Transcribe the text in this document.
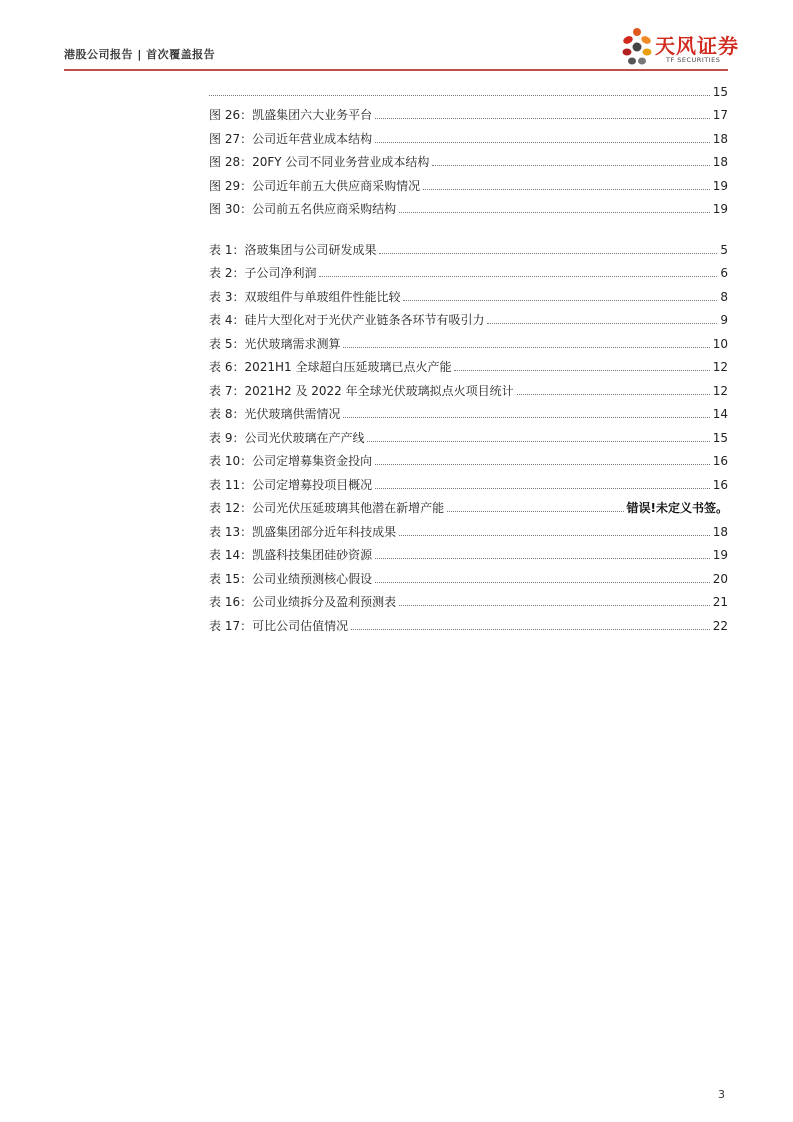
港股公司报告 | 首次覆盖报告	天风证券
TF SECURITIES
15
图 26：凯盛集团六大业务平台	17
图 27：公司近年营业成本结构	18
图 28：20FY 公司不同业务营业成本结构	18
图 29：公司近年前五大供应商采购情况	19
图 30：公司前五名供应商采购结构	19
表 1：洛玻集团与公司研发成果	5
表 2：子公司净利润	6
表 3：双玻组件与单玻组件性能比较	8
表 4：硅片大型化对于光伏产业链条各环节有吸引力	9
表 5：光伏玻璃需求测算	10
表 6：2021H1 全球超白压延玻璃已点火产能	12
表 7：2021H2 及 2022 年全球光伏玻璃拟点火项目统计	12
表 8：光伏玻璃供需情况	14
表 9：公司光伏玻璃在产产线	15
表 10：公司定增募集资金投向	16
表 11：公司定增募投项目概况	16
表 12：公司光伏压延玻璃其他潜在新增产能	错误!未定义书签。
表 13：凯盛集团部分近年科技成果	18
表 14：凯盛科技集团硅砂资源	19
表 15：公司业绩预测核心假设	20
表 16：公司业绩拆分及盈利预测表	21
表 17：可比公司估值情况	22
3
